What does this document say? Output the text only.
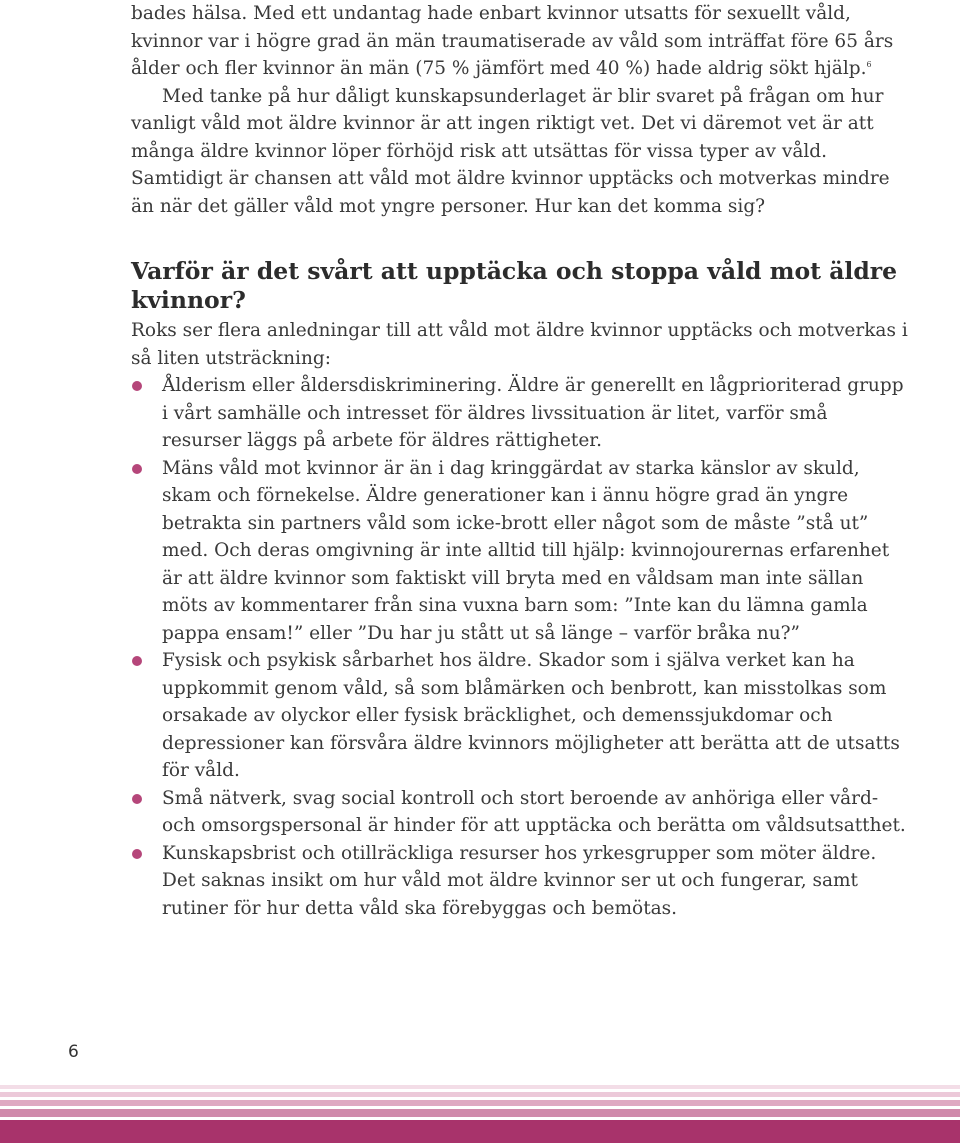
bades hälsa. Med ett undantag hade enbart kvinnor utsatts för sexuellt våld, kvinnor var i högre grad än män traumatiserade av våld som inträffat före 65 års ålder och fler kvinnor än män (75 % jämfört med 40 %) hade aldrig sökt hjälp.$^6$

Med tanke på hur dåligt kunskapsunderlaget är blir svaret på frågan om hur vanligt våld mot äldre kvinnor är att ingen riktigt vet. Det vi däremot vet är att många äldre kvinnor löper förhöjd risk att utsättas för vissa typer av våld. Samtidigt är chansen att våld mot äldre kvinnor upptäcks och motverkas mindre än när det gäller våld mot yngre personer. Hur kan det komma sig?

Varför är det svårt att upptäcka och stoppa våld mot äldre kvinnor?

Roks ser flera anledningar till att våld mot äldre kvinnor upptäcks och motverkas i så liten utsträckning:

Ålderism eller åldersdiskriminering. Äldre är generellt en lågprioriterad grupp i vårt samhälle och intresset för äldres livssituation är litet, varför små resurser läggs på arbete för äldres rättigheter.
Mäns våld mot kvinnor är än i dag kringgärdat av starka känslor av skuld, skam och förnekelse. Äldre generationer kan i ännu högre grad än yngre betrakta sin partners våld som icke-brott eller något som de måste ”stå ut” med. Och deras omgivning är inte alltid till hjälp: kvinnojourernas erfarenhet är att äldre kvinnor som faktiskt vill bryta med en våldsam man inte sällan möts av kommentarer från sina vuxna barn som: ”Inte kan du lämna gamla pappa ensam!” eller ”Du har ju stått ut så länge – varför bråka nu?”
Fysisk och psykisk sårbarhet hos äldre. Skador som i själva verket kan ha uppkommit genom våld, så som blåmärken och benbrott, kan misstolkas som orsakade av olyckor eller fysisk bräcklighet, och demenssjukdomar och depressioner kan försvåra äldre kvinnors möjligheter att berätta att de utsatts för våld.
Små nätverk, svag social kontroll och stort beroende av anhöriga eller vård- och omsorgspersonal är hinder för att upptäcka och berätta om våldsutsatthet.
Kunskapsbrist och otillräckliga resurser hos yrkesgrupper som möter äldre. Det saknas insikt om hur våld mot äldre kvinnor ser ut och fungerar, samt rutiner för hur detta våld ska förebyggas och bemötas.
6
